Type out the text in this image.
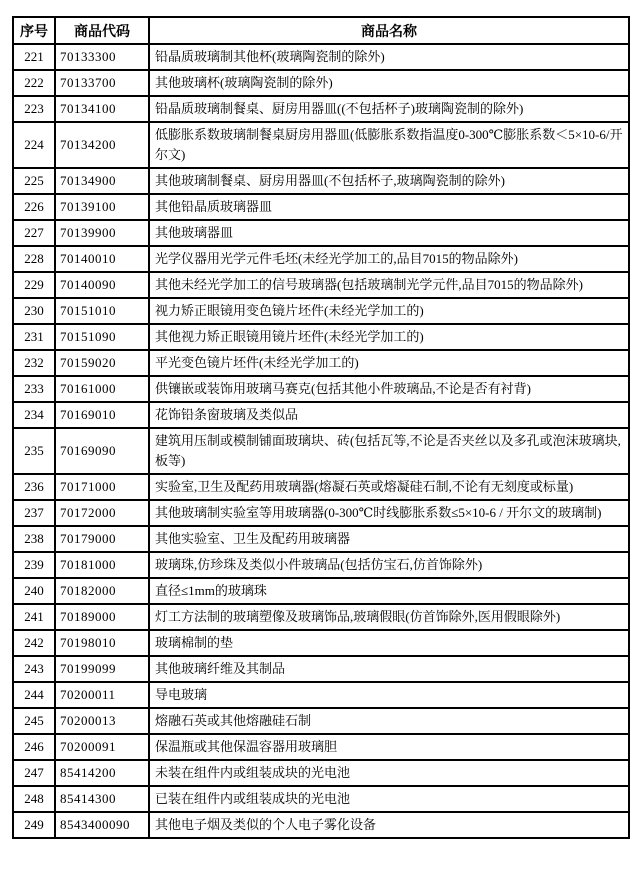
序号	商品代码	商品名称
221	70133300	铅晶质玻璃制其他杯(玻璃陶瓷制的除外)
222	70133700	其他玻璃杯(玻璃陶瓷制的除外)
223	70134100	铅晶质玻璃制餐桌、厨房用器皿((不包括杯子)玻璃陶瓷制的除外)
224	70134200	低膨胀系数玻璃制餐桌厨房用器皿(低膨胀系数指温度0-300℃膨胀系数＜5×10-6/开尔文)
225	70134900	其他玻璃制餐桌、厨房用器皿(不包括杯子,玻璃陶瓷制的除外)
226	70139100	其他铅晶质玻璃器皿
227	70139900	其他玻璃器皿
228	70140010	光学仪器用光学元件毛坯(未经光学加工的,品目7015的物品除外)
229	70140090	其他未经光学加工的信号玻璃器(包括玻璃制光学元件,品目7015的物品除外)
230	70151010	视力矫正眼镜用变色镜片坯件(未经光学加工的)
231	70151090	其他视力矫正眼镜用镜片坯件(未经光学加工的)
232	70159020	平光变色镜片坯件(未经光学加工的)
233	70161000	供镶嵌或装饰用玻璃马赛克(包括其他小件玻璃品,不论是否有衬背)
234	70169010	花饰铅条窗玻璃及类似品
235	70169090	建筑用压制或模制铺面玻璃块、砖(包括瓦等,不论是否夹丝以及多孔或泡沫玻璃块,板等)
236	70171000	实验室,卫生及配药用玻璃器(熔凝石英或熔凝硅石制,不论有无刻度或标量)
237	70172000	其他玻璃制实验室等用玻璃器(0-300℃时线膨胀系数≤5×10-6 / 开尔文的玻璃制)
238	70179000	其他实验室、卫生及配药用玻璃器
239	70181000	玻璃珠,仿珍珠及类似小件玻璃品(包括仿宝石,仿首饰除外)
240	70182000	直径≤1mm的玻璃珠
241	70189000	灯工方法制的玻璃塑像及玻璃饰品,玻璃假眼(仿首饰除外,医用假眼除外)
242	70198010	玻璃棉制的垫
243	70199099	其他玻璃纤维及其制品
244	70200011	导电玻璃
245	70200013	熔融石英或其他熔融硅石制
246	70200091	保温瓶或其他保温容器用玻璃胆
247	85414200	未装在组件内或组装成块的光电池
248	85414300	已装在组件内或组装成块的光电池
249	8543400090	其他电子烟及类似的个人电子雾化设备
